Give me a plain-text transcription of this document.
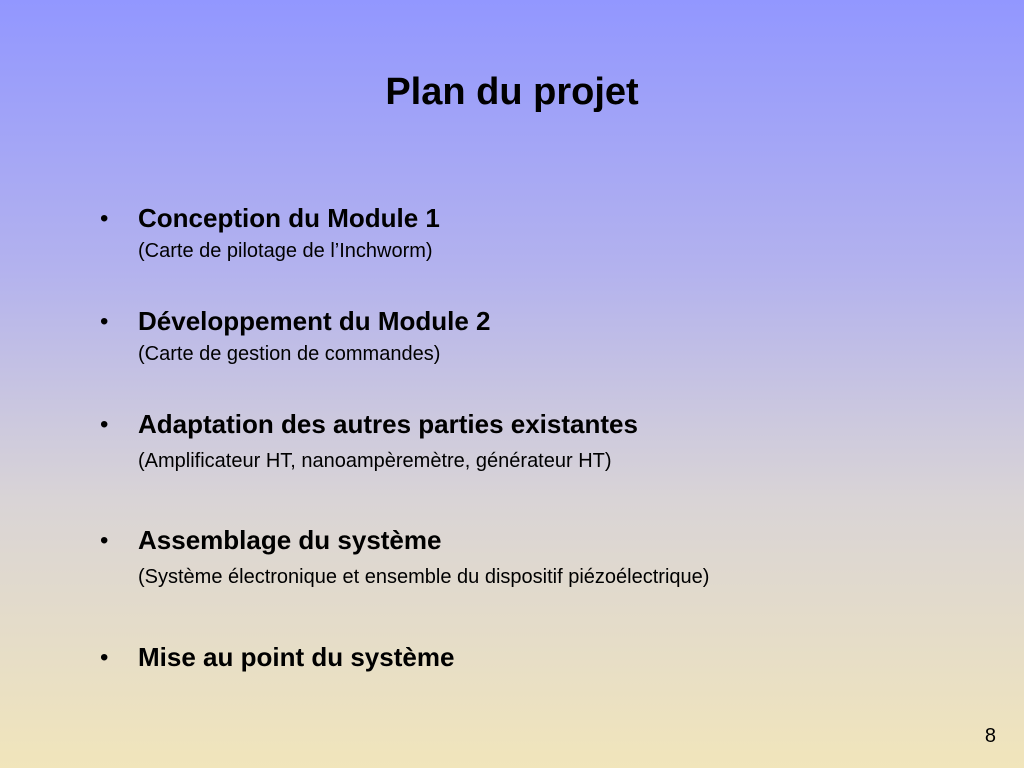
Plan du projet
• Conception du Module 1
(Carte de pilotage de l’Inchworm)
• Développement du Module 2
(Carte de gestion de commandes)
• Adaptation des autres parties existantes
(Amplificateur HT, nanoampèremètre, générateur HT)
• Assemblage du système
(Système électronique et ensemble du dispositif piézoélectrique)
• Mise au point du système
8
